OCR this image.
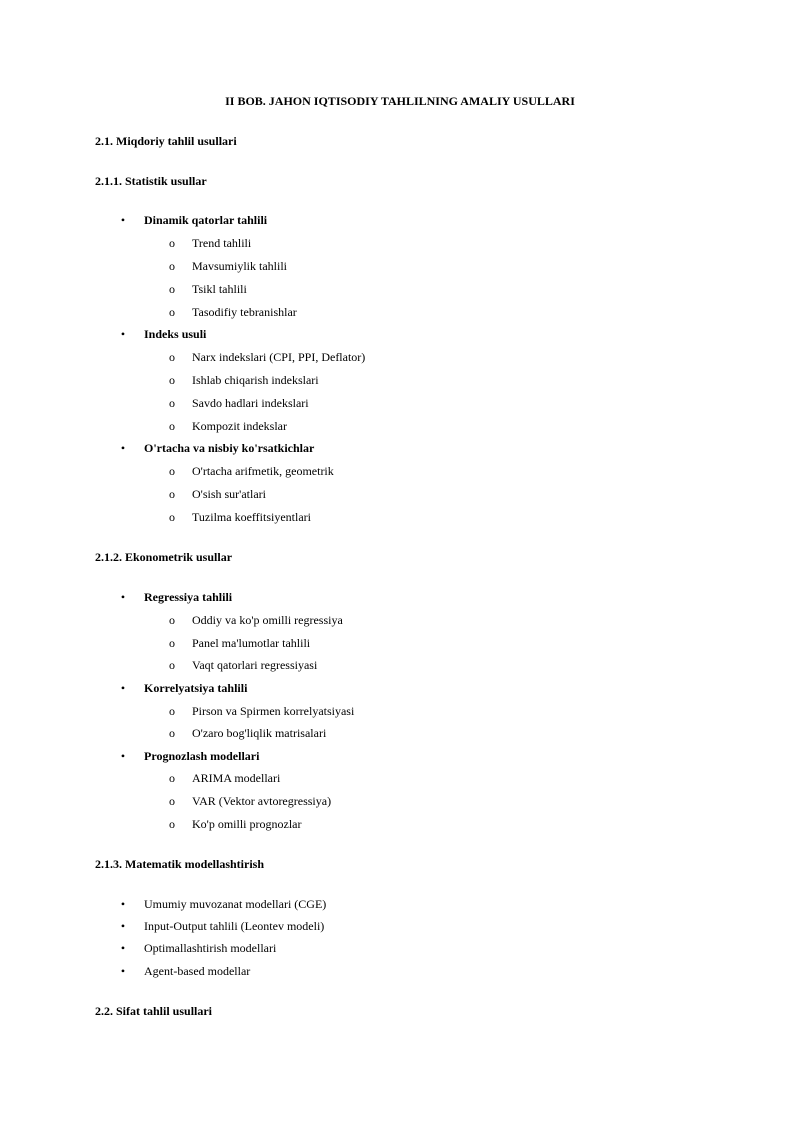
II BOB. JAHON IQTISODIY TAHLILNING AMALIY USULLARI
2.1. Miqdoriy tahlil usullari
2.1.1. Statistik usullar
• Dinamik qatorlar tahlili
o Trend tahlili
o Mavsumiylik tahlili
o Tsikl tahlili
o Tasodifiy tebranishlar
• Indeks usuli
o Narx indekslari (CPI, PPI, Deflator)
o Ishlab chiqarish indekslari
o Savdo hadlari indekslari
o Kompozit indekslar
• O'rtacha va nisbiy ko'rsatkichlar
o O'rtacha arifmetik, geometrik
o O'sish sur'atlari
o Tuzilma koeffitsiyentlari
2.1.2. Ekonometrik usullar
• Regressiya tahlili
o Oddiy va ko'p omilli regressiya
o Panel ma'lumotlar tahlili
o Vaqt qatorlari regressiyasi
• Korrelyatsiya tahlili
o Pirson va Spirmen korrelyatsiyasi
o O'zaro bog'liqlik matrisalari
• Prognozlash modellari
o ARIMA modellari
o VAR (Vektor avtoregressiya)
o Ko'p omilli prognozlar
2.1.3. Matematik modellashtirish
• Umumiy muvozanat modellari (CGE)
• Input-Output tahlili (Leontev modeli)
• Optimallashtirish modellari
• Agent-based modellar
2.2. Sifat tahlil usullari
